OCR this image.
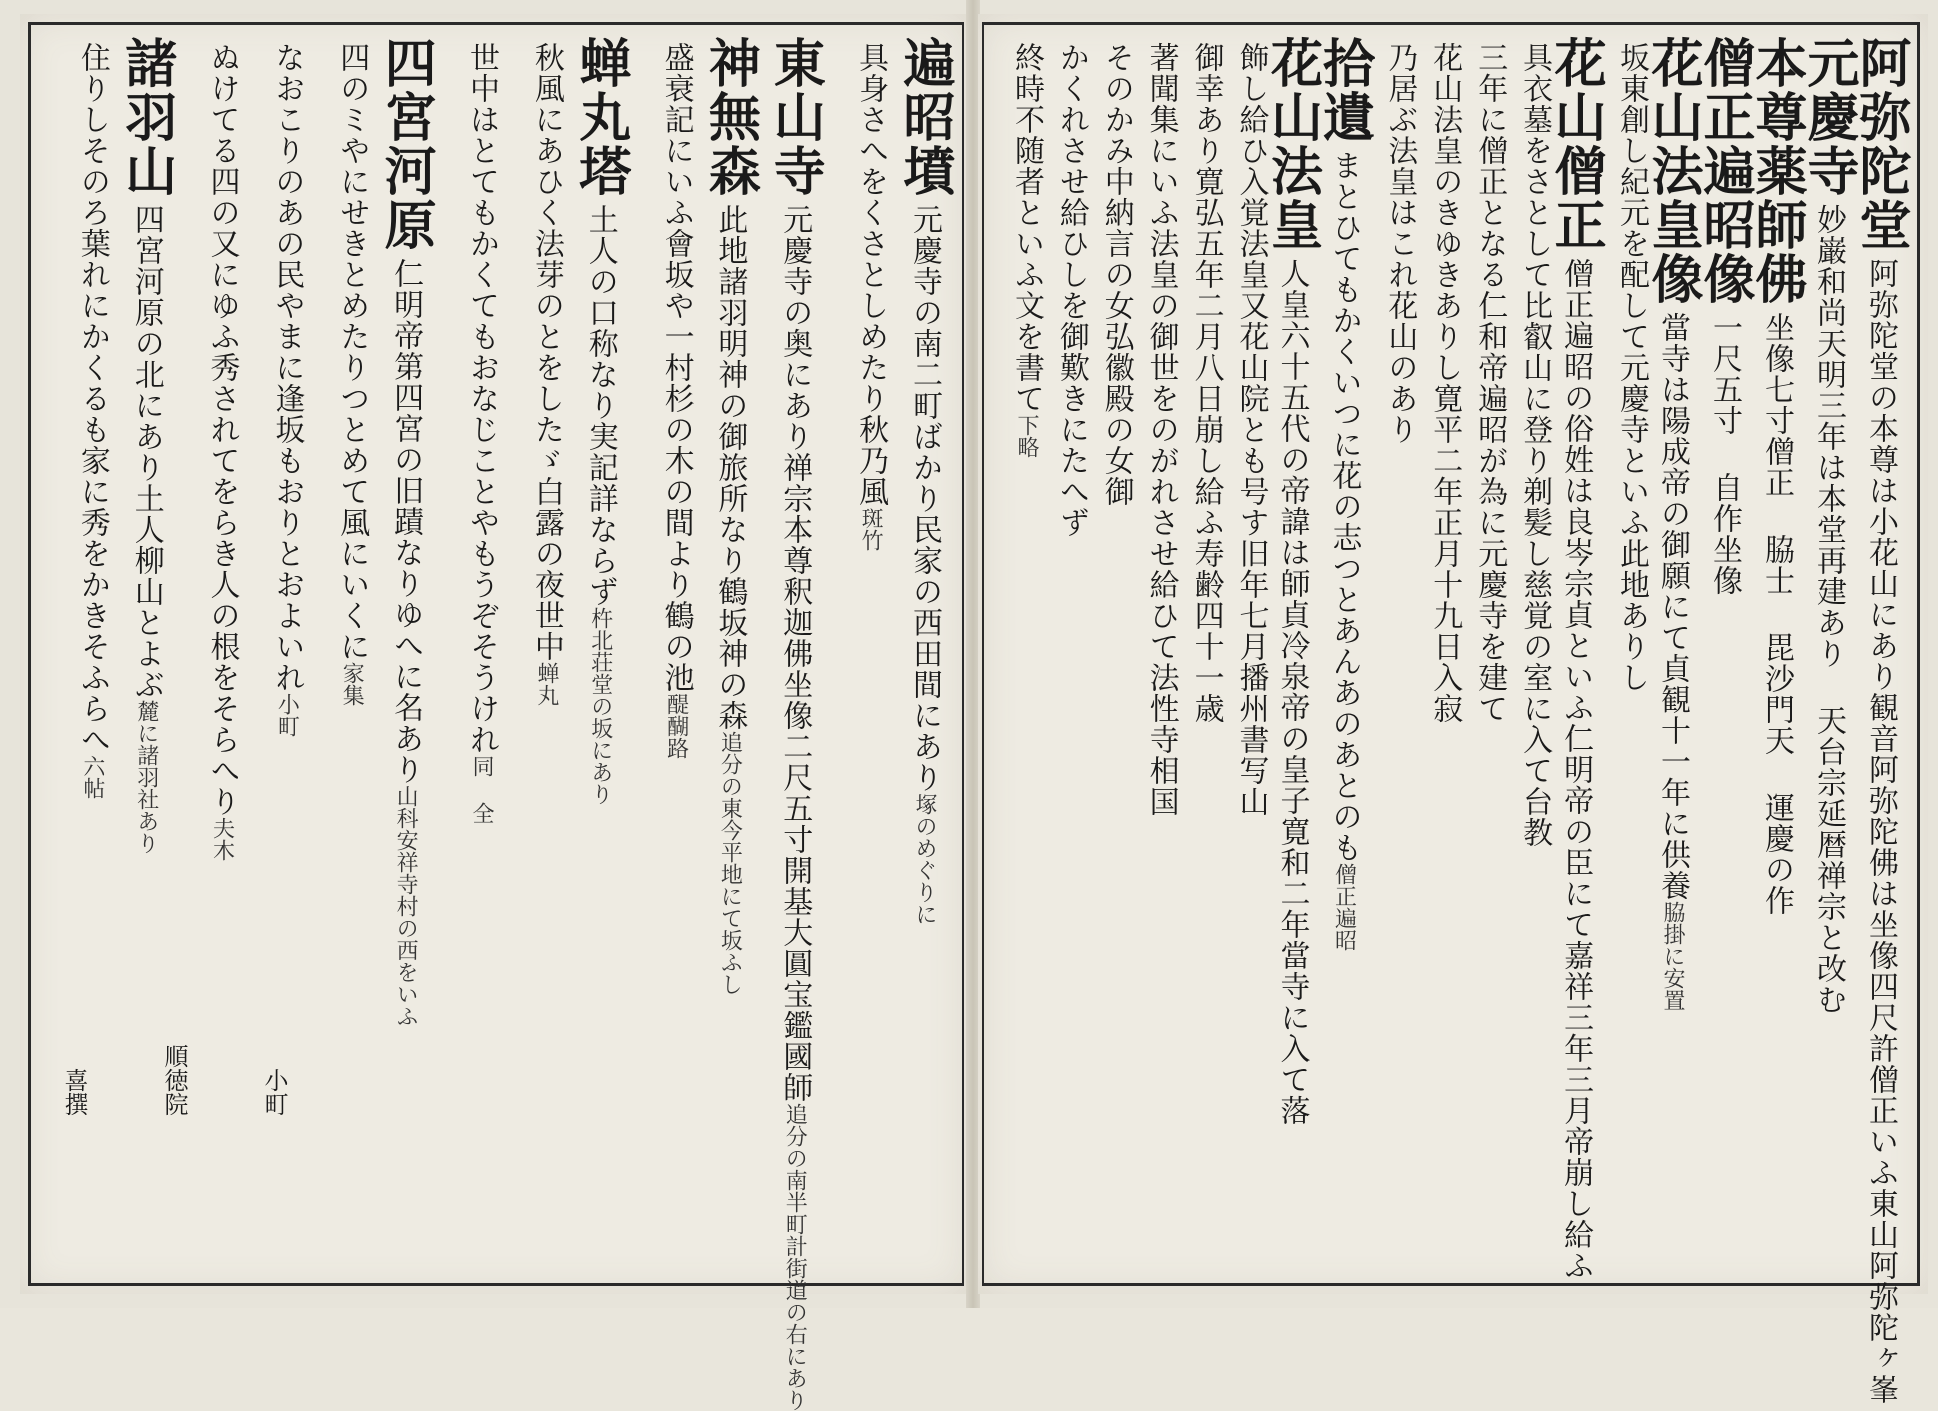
遍昭墳元慶寺の南二町ばかり民家の西田間にあり塚のめぐりに
具身さへをくさとしめたり秋乃風斑竹
東山寺元慶寺の奥にあり禅宗本尊釈迦佛坐像二尺五寸開基大圓宝鑑國師追分の南半町計街道の右にあり
神無森此地諸羽明神の御旅所なり鶴坂神の森追分の東今平地にて坂ふし
盛衰記にいふ會坂や一村杉の木の間より鶴の池醍醐路
蝉丸塔土人の口称なり実記詳ならず杵北荘堂の坂にあり
秋風にあひく法芽のとをしたゞ白露の夜世中蝉丸
世中はとてもかくてもおなじことやもうぞそうけれ同 全
四宮河原仁明帝第四宮の旧蹟なりゆへに名あり山科安祥寺村の西をいふ
四のミやにせきとめたりつとめて風にいくに家集
なおこりのあの民やまに逢坂もおりとおよいれ小町
ぬけてる四の又にゆふ秀されてをらき人の根をそらへり夫木
諸羽山四宮河原の北にあり土人柳山とよぶ麓に諸羽社あり
住りしそのろ葉れにかくるも家に秀をかきそふらへ六帖
小町
順徳院
喜撰
阿弥陀堂阿弥陀堂の本尊は小花山にあり観音阿弥陀佛は坐像四尺許僧正いふ東山阿弥陀ヶ峯
元慶寺妙巌和尚天明三年は本堂再建あり 天台宗延暦禅宗と改む
本尊薬師佛坐像七寸僧正 脇士 毘沙門天 運慶の作
僧正遍昭像一尺五寸 自作坐像
花山法皇像當寺は陽成帝の御願にて貞観十一年に供養脇掛に安置
坂東創し紀元を配して元慶寺といふ此地ありし
花山僧正僧正遍昭の俗姓は良岑宗貞といふ仁明帝の臣にて嘉祥三年三月帝崩し給ふ
具衣墓をさとして比叡山に登り剃髪し慈覚の室に入て台教
三年に僧正となる仁和帝遍昭が為に元慶寺を建て
花山法皇のきゆきありし寛平二年正月十九日入寂
乃居ぶ法皇はこれ花山のあり
拾遺まとひてもかくいつに花の志つとあんあのあとのも僧正遍昭
花山法皇人皇六十五代の帝諱は師貞冷泉帝の皇子寛和二年當寺に入て落
飾し給ひ入覚法皇又花山院とも号す旧年七月播州書写山
御幸あり寛弘五年二月八日崩し給ふ寿齢四十一歳
著聞集にいふ法皇の御世をのがれさせ給ひて法性寺相国
そのかみ中納言の女弘徽殿の女御
かくれさせ給ひしを御歎きにたへず
終時不随者といふ文を書て下略
